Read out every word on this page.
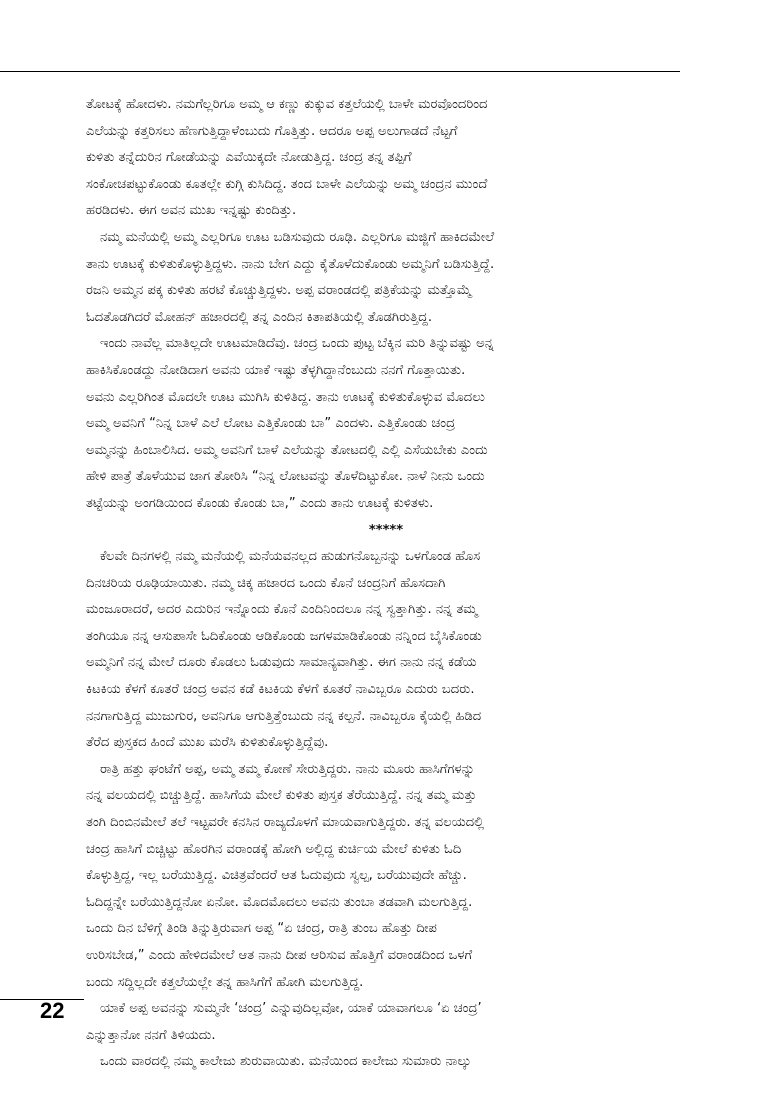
ತೋಟಕ್ಕೆ ಹೋದಳು. ನಮಗೆಲ್ಲರಿಗೂ ಅಮ್ಮ ಆ ಕಣ್ಣು ಕುಕ್ಕುವ ಕತ್ತಲೆಯಲ್ಲಿ ಬಾಳೇ ಮರವೊಂದರಿಂದ
ಎಲೆಯನ್ನು ಕತ್ತರಿಸಲು ಹೆಣಗುತ್ತಿದ್ದಾಳೆಂಬುದು ಗೊತ್ತಿತ್ತು. ಆದರೂ ಅಪ್ಪ ಅಲುಗಾಡದೆ ನೆಟ್ಟಗೆ
ಕುಳಿತು ತನ್ನೆದುರಿನ ಗೋಡೆಯನ್ನು ಎವೆಯಿಕ್ಕದೇ ನೋಡುತ್ತಿದ್ದ. ಚಂದ್ರ ತನ್ನ ತಪ್ಪಿಗೆ
ಸಂಕೋಚಪಟ್ಟುಕೊಂಡು ಕೂತಲ್ಲೇ ಕುಗ್ಗಿ ಕುಸಿದಿದ್ದ. ತಂದ ಬಾಳೇ ಎಲೆಯನ್ನು ಅಮ್ಮ ಚಂದ್ರನ ಮುಂದೆ
ಹರಡಿದಳು. ಈಗ ಅವನ ಮುಖ ಇನ್ನಷ್ಟು ಕುಂದಿತ್ತು.
ನಮ್ಮ ಮನೆಯಲ್ಲಿ ಅಮ್ಮ ಎಲ್ಲರಿಗೂ ಊಟ ಬಡಿಸುವುದು ರೂಢಿ. ಎಲ್ಲರಿಗೂ ಮಜ್ಜಿಗೆ ಹಾಕಿದಮೇಲೆ
ತಾನು ಊಟಕ್ಕೆ ಕುಳಿತುಕೊಳ್ಳುತ್ತಿದ್ದಳು. ನಾನು ಬೇಗ ಎದ್ದು ಕೈತೊಳೆದುಕೊಂಡು ಅಮ್ಮನಿಗೆ ಬಡಿಸುತ್ತಿದ್ದೆ.
ರಜನಿ ಅಮ್ಮನ ಪಕ್ಕ ಕುಳಿತು ಹರಟೆ ಕೊಚ್ಚುತ್ತಿದ್ದಳು. ಅಪ್ಪ ವರಾಂಡದಲ್ಲಿ ಪತ್ರಿಕೆಯನ್ನು ಮತ್ತೊಮ್ಮೆ
ಓದತೊಡಗಿದರೆ ಮೋಹನ್ ಹಜಾರದಲ್ಲಿ ತನ್ನ ಎಂದಿನ ಕಿತಾಪತಿಯಲ್ಲಿ ತೊಡಗಿರುತ್ತಿದ್ದ.
ಇಂದು ನಾವೆಲ್ಲ ಮಾತಿಲ್ಲದೇ ಊಟಮಾಡಿದೆವು. ಚಂದ್ರ ಒಂದು ಪುಟ್ಟ ಬೆಕ್ಕಿನ ಮರಿ ತಿನ್ನುವಷ್ಟು ಅನ್ನ
ಹಾಕಿಸಿಕೊಂಡದ್ದು ನೋಡಿದಾಗ ಅವನು ಯಾಕೆ ಇಷ್ಟು ತೆಳ್ಳಗಿದ್ದಾನೆಂಬುದು ನನಗೆ ಗೊತ್ತಾಯಿತು.
ಅವನು ಎಲ್ಲರಿಗಿಂತ ಮೊದಲೇ ಊಟ ಮುಗಿಸಿ ಕುಳಿತಿದ್ದ. ತಾನು ಊಟಕ್ಕೆ ಕುಳಿತುಕೊಳ್ಳುವ ಮೊದಲು
ಅಮ್ಮ ಅವನಿಗೆ “ನಿನ್ನ ಬಾಳೆ ಎಲೆ ಲೋಟ ಎತ್ತಿಕೊಂಡು ಬಾ” ಎಂದಳು. ಎತ್ತಿಕೊಂಡು ಚಂದ್ರ
ಅಮ್ಮನನ್ನು ಹಿಂಬಾಲಿಸಿದ. ಅಮ್ಮ ಅವನಿಗೆ ಬಾಳೆ ಎಲೆಯನ್ನು ತೋಟದಲ್ಲಿ ಎಲ್ಲಿ ಎಸೆಯಬೇಕು ಎಂದು
ಹೇಳಿ ಪಾತ್ರೆ ತೊಳೆಯುವ ಜಾಗ ತೋರಿಸಿ “ನಿನ್ನ ಲೋಟವನ್ನು ತೊಳೆದಿಟ್ಟುಕೋ. ನಾಳೆ ನೀನು ಒಂದು
ತಟ್ಟೆಯನ್ನು ಅಂಗಡಿಯಿಂದ ಕೊಂಡು ಕೊಂಡು ಬಾ,” ಎಂದು ತಾನು ಊಟಕ್ಕೆ ಕುಳಿತಳು.
*****
ಕೆಲವೇ ದಿನಗಳಲ್ಲಿ ನಮ್ಮ ಮನೆಯಲ್ಲಿ ಮನೆಯವನಲ್ಲದ ಹುಡುಗನೊಬ್ಬನನ್ನು ಒಳಗೊಂಡ ಹೊಸ
ದಿನಚರಿಯ ರೂಢಿಯಾಯಿತು. ನಮ್ಮ ಚಿಕ್ಕ ಹಜಾರದ ಒಂದು ಕೊನೆ ಚಂದ್ರನಿಗೆ ಹೊಸದಾಗಿ
ಮಂಜೂರಾದರೆ, ಅದರ ಎದುರಿನ ಇನ್ನೊಂದು ಕೊನೆ ಎಂದಿನಿಂದಲೂ ನನ್ನ ಸ್ವತ್ತಾಗಿತ್ತು. ನನ್ನ ತಮ್ಮ
ತಂಗಿಯೂ ನನ್ನ ಆಸುಪಾಸೇ ಓದಿಕೊಂಡು ಆಡಿಕೊಂಡು ಜಗಳಮಾಡಿಕೊಂಡು ನನ್ನಿಂದ ಬೈಸಿಕೊಂಡು
ಅಮ್ಮನಿಗೆ ನನ್ನ ಮೇಲೆ ದೂರು ಕೊಡಲು ಓಡುವುದು ಸಾಮಾನ್ಯವಾಗಿತ್ತು. ಈಗ ನಾನು ನನ್ನ ಕಡೆಯ
ಕಿಟಕಿಯ ಕೆಳಗೆ ಕೂತರೆ ಚಂದ್ರ ಅವನ ಕಡೆ ಕಿಟಕಿಯ ಕೆಳಗೆ ಕೂತರೆ ನಾವಿಬ್ಬರೂ ಎದುರು ಬದರು.
ನನಗಾಗುತ್ತಿದ್ದ ಮುಜುಗುರ, ಅವನಿಗೂ ಆಗುತ್ತಿತ್ತೆಂಬುದು ನನ್ನ ಕಲ್ಪನೆ. ನಾವಿಬ್ಬರೂ ಕೈಯಲ್ಲಿ ಹಿಡಿದ
ತೆರೆದ ಪುಸ್ತಕದ ಹಿಂದೆ ಮುಖ ಮರೆಸಿ ಕುಳಿತುಕೊಳ್ಳುತ್ತಿದ್ದೆವು.
ರಾತ್ರಿ ಹತ್ತು ಘಂಟೆಗೆ ಅಪ್ಪ, ಅಮ್ಮ ತಮ್ಮ ಕೋಣೆ ಸೇರುತ್ತಿದ್ದರು. ನಾನು ಮೂರು ಹಾಸಿಗೆಗಳನ್ನು
ನನ್ನ ವಲಯದಲ್ಲಿ ಬಿಚ್ಚುತ್ತಿದ್ದೆ. ಹಾಸಿಗೆಯ ಮೇಲೆ ಕುಳಿತು ಪುಸ್ತಕ ತೆರೆಯುತ್ತಿದ್ದೆ. ನನ್ನ ತಮ್ಮ ಮತ್ತು
ತಂಗಿ ದಿಂಬಿನಮೇಲೆ ತಲೆ ಇಟ್ಟವರೇ ಕನಸಿನ ರಾಜ್ಯದೊಳಗೆ ಮಾಯವಾಗುತ್ತಿದ್ದರು. ತನ್ನ ವಲಯದಲ್ಲಿ
ಚಂದ್ರ ಹಾಸಿಗೆ ಬಿಚ್ಚಿಟ್ಟು ಹೊರಗಿನ ವರಾಂಡಕ್ಕೆ ಹೋಗಿ ಅಲ್ಲಿದ್ದ ಕುರ್ಚಿಯ ಮೇಲೆ ಕುಳಿತು ಓದಿ
ಕೊಳ್ಳುತ್ತಿದ್ದ, ಇಲ್ಲ ಬರೆಯುತ್ತಿದ್ದ. ವಿಚಿತ್ರವೆಂದರೆ ಆತ ಓದುವುದು ಸ್ವಲ್ಪ, ಬರೆಯುವುದೇ ಹೆಚ್ಚು.
ಓದಿದ್ದನ್ನೇ ಬರೆಯುತ್ತಿದ್ದನೋ ಏನೋ. ಮೊದಮೊದಲು ಅವನು ತುಂಬಾ ತಡವಾಗಿ ಮಲಗುತ್ತಿದ್ದ.
ಒಂದು ದಿನ ಬೆಳಿಗ್ಗೆ ತಿಂಡಿ ತಿನ್ನುತ್ತಿರುವಾಗ ಅಪ್ಪ “ಏ ಚಂದ್ರ, ರಾತ್ರಿ ತುಂಬ ಹೊತ್ತು ದೀಪ
ಉರಿಸಬೇಡ,” ಎಂದು ಹೇಳಿದಮೇಲೆ ಆತ ನಾನು ದೀಪ ಆರಿಸುವ ಹೊತ್ತಿಗೆ ವರಾಂಡದಿಂದ ಒಳಗೆ
ಬಂದು ಸದ್ದಿಲ್ಲದೇ ಕತ್ತಲೆಯಲ್ಲೇ ತನ್ನ ಹಾಸಿಗೆಗೆ ಹೋಗಿ ಮಲಗುತ್ತಿದ್ದ.
ಯಾಕೆ ಅಪ್ಪ ಅವನನ್ನು ಸುಮ್ಮನೇ ‘ಚಂದ್ರ’ ಎನ್ನುವುದಿಲ್ಲವೋ, ಯಾಕೆ ಯಾವಾಗಲೂ ‘ಏ ಚಂದ್ರ’
ಎನ್ನುತ್ತಾನೋ ನನಗೆ ತಿಳಿಯದು.
ಒಂದು ವಾರದಲ್ಲಿ ನಮ್ಮ ಕಾಲೇಜು ಶುರುವಾಯಿತು. ಮನೆಯಿಂದ ಕಾಲೇಜು ಸುಮಾರು ನಾಲ್ಕು
22
